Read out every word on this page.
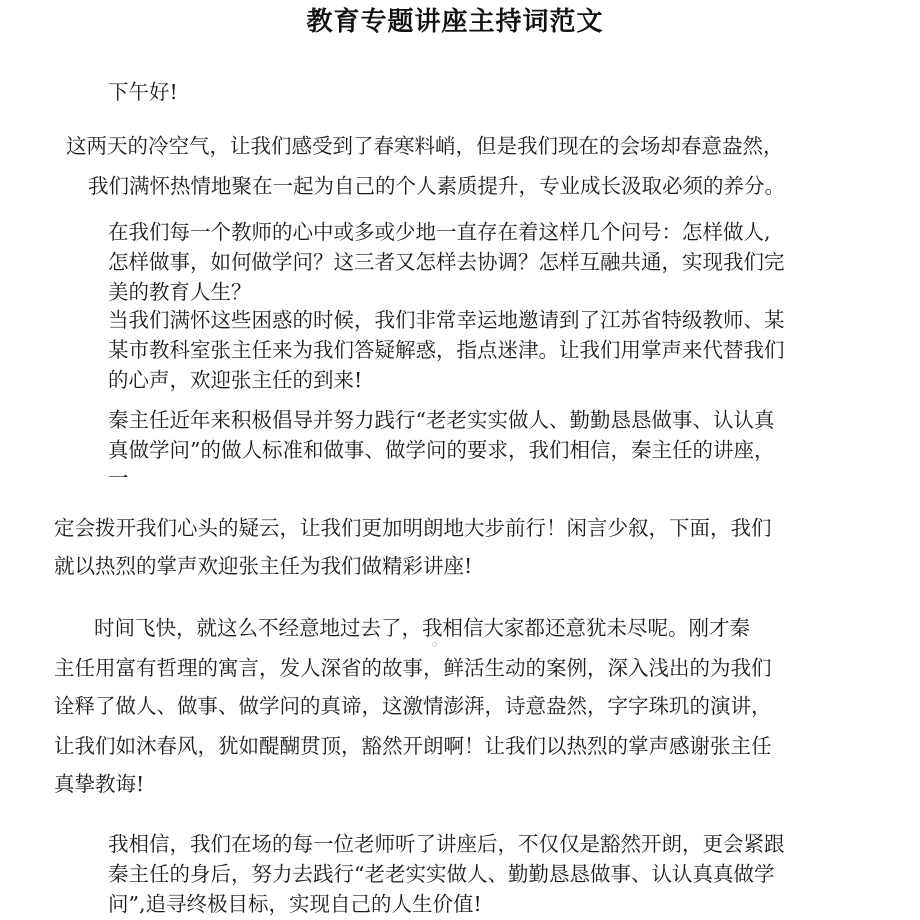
教育专题讲座主持词范文
下午好!
这两天的冷空气，让我们感受到了春寒料峭，但是我们现在的会场却春意盎然，
我们满怀热情地聚在一起为自己的个人素质提升，专业成长汲取必须的养分。
在我们每一个教师的心中或多或少地一直存在着这样几个问号：怎样做人,
怎样做事，如何做学问？这三者又怎样去协调？怎样互融共通，实现我们完
美的教育人生？
当我们满怀这些困惑的时候，我们非常幸运地邀请到了江苏省特级教师、某
某市教科室张主任来为我们答疑解惑，指点迷津。让我们用掌声来代替我们
的心声，欢迎张主任的到来!
秦主任近年来积极倡导并努力践行“老老实实做人、勤勤恳恳做事、认认真
真做学问”的做人标准和做事、做学问的要求，我们相信，秦主任的讲座，
一
定会拨开我们心头的疑云，让我们更加明朗地大步前行！闲言少叙，下面，我们
就以热烈的掌声欢迎张主任为我们做精彩讲座!
时间飞快，就这么不经意地过去了，我相信大家都还意犹未尽呢。刚才秦
○
主任用富有哲理的寓言，发人深省的故事，鲜活生动的案例，深入浅出的为我们
诠释了做人、做事、做学问的真谛，这激情澎湃，诗意盎然，字字珠玑的演讲，
让我们如沐春风，犹如醍醐贯顶，豁然开朗啊！让我们以热烈的掌声感谢张主任
真挚教诲!
我相信，我们在场的每一位老师听了讲座后，不仅仅是豁然开朗，更会紧跟
秦主任的身后，努力去践行“老老实实做人、勤勤恳恳做事、认认真真做学
问”,追寻终极目标，实现自己的人生价值!
